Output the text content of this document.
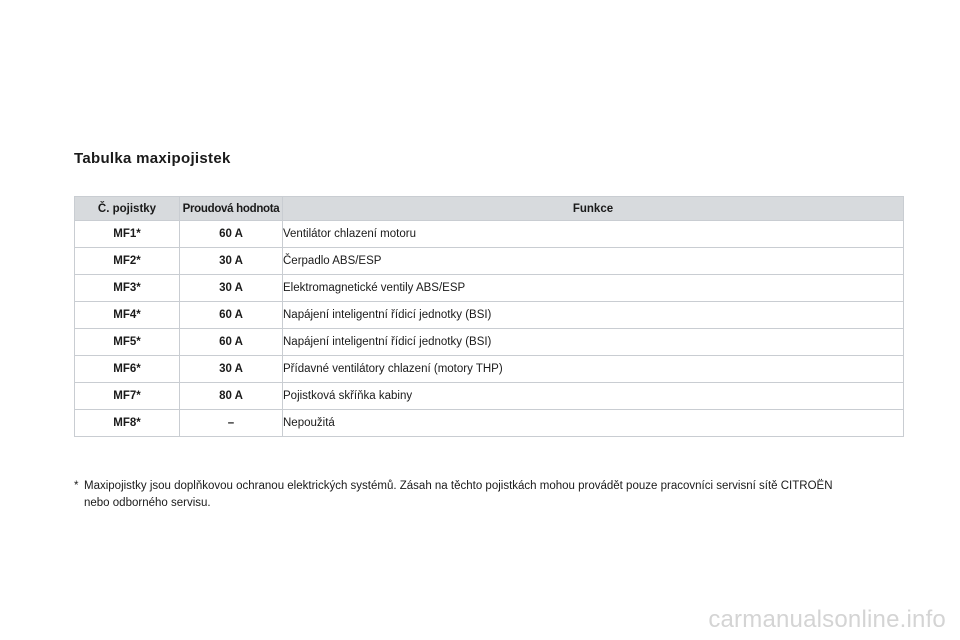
Tabulka maxipojistek
Č. pojistky	Proudová hodnota	Funkce
MF1*	60 A	Ventilátor chlazení motoru
MF2*	30 A	Čerpadlo ABS/ESP
MF3*	30 A	Elektromagnetické ventily ABS/ESP
MF4*	60 A	Napájení inteligentní řídicí jednotky (BSI)
MF5*	60 A	Napájení inteligentní řídicí jednotky (BSI)
MF6*	30 A	Přídavné ventilátory chlazení (motory THP)
MF7*	80 A	Pojistková skříňka kabiny
MF8*	–	Nepoužitá
* Maxipojistky jsou doplňkovou ochranou elektrických systémů. Zásah na těchto pojistkách mohou provádět pouze pracovníci servisní sítě CITROËN
nebo odborného servisu.
carmanualsonline.info
